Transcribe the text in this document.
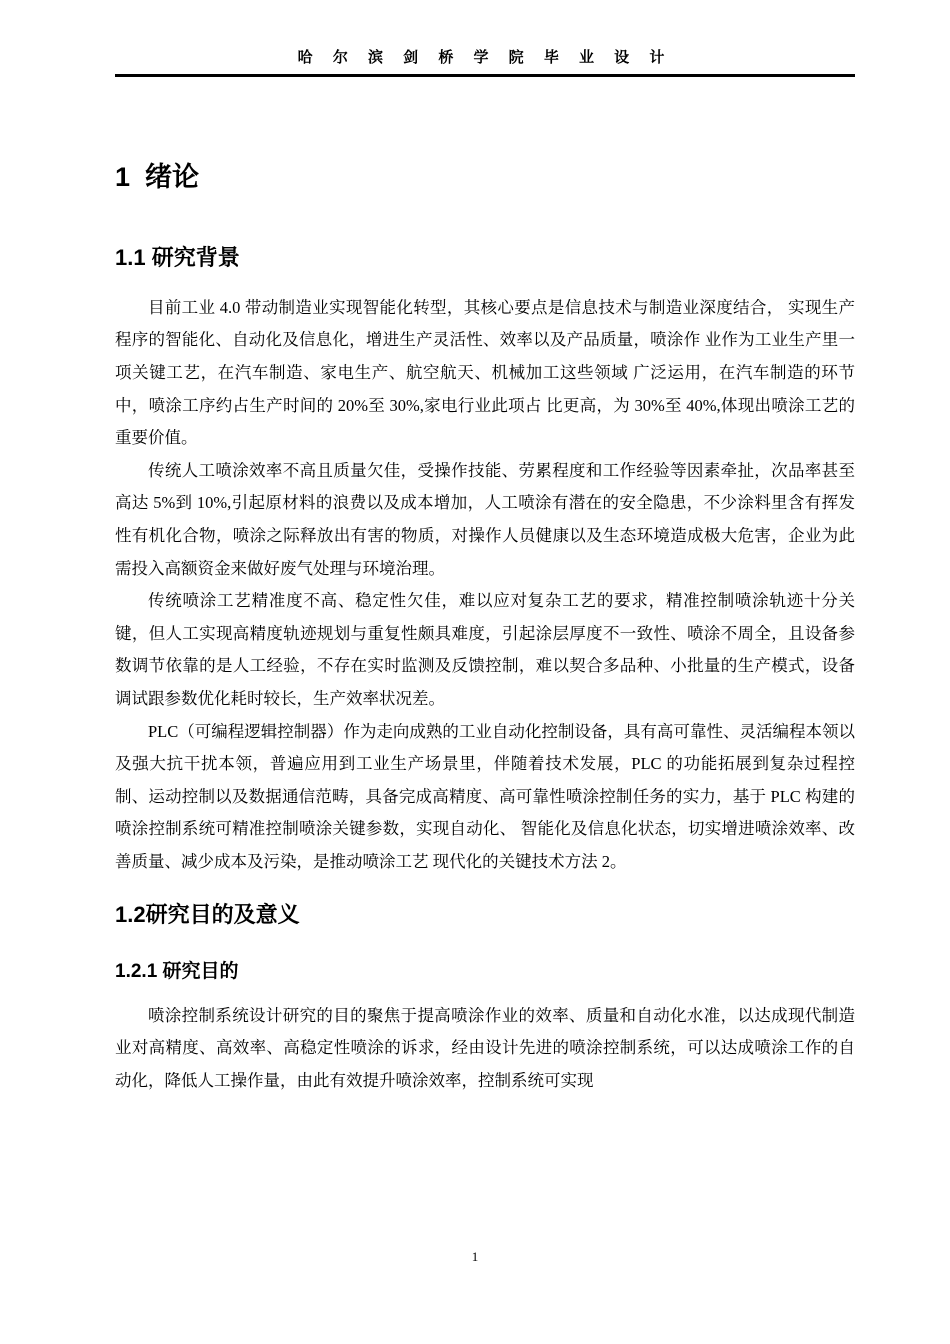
哈 尔 滨 剑 桥 学 院 毕 业 设 计
1  绪论
1.1 研究背景

目前工业 4.0 带动制造业实现智能化转型，其核心要点是信息技术与制造业深度结合， 实现生产程序的智能化、自动化及信息化，增进生产灵活性、效率以及产品质量，喷涂作 业作为工业生产里一项关键工艺，在汽车制造、家电生产、航空航天、机械加工这些领域 广泛运用，在汽车制造的环节中，喷涂工序约占生产时间的 20%至 30%,家电行业此项占 比更高，为 30%至 40%,体现出喷涂工艺的重要价值。

传统人工喷涂效率不高且质量欠佳，受操作技能、劳累程度和工作经验等因素牵扯，次品率甚至高达 5%到 10%,引起原材料的浪费以及成本增加，人工喷涂有潜在的安全隐患，不少涂料里含有挥发性有机化合物，喷涂之际释放出有害的物质，对操作人员健康以及生态环境造成极大危害，企业为此需投入高额资金来做好废气处理与环境治理。

传统喷涂工艺精准度不高、稳定性欠佳，难以应对复杂工艺的要求，精准控制喷涂轨迹十分关键，但人工实现高精度轨迹规划与重复性颇具难度，引起涂层厚度不一致性、喷涂不周全，且设备参数调节依靠的是人工经验，不存在实时监测及反馈控制，难以契合多品种、小批量的生产模式，设备调试跟参数优化耗时较长，生产效率状况差。

PLC（可编程逻辑控制器）作为走向成熟的工业自动化控制设备，具有高可靠性、灵活编程本领以及强大抗干扰本领，普遍应用到工业生产场景里，伴随着技术发展，PLC 的功能拓展到复杂过程控制、运动控制以及数据通信范畴，具备完成高精度、高可靠性喷涂控制任务的实力，基于 PLC 构建的喷涂控制系统可精准控制喷涂关键参数，实现自动化、 智能化及信息化状态，切实增进喷涂效率、改善质量、减少成本及污染，是推动喷涂工艺 现代化的关键技术方法 2。

1.2研究目的及意义
1.2.1 研究目的

喷涂控制系统设计研究的目的聚焦于提高喷涂作业的效率、质量和自动化水准，以达成现代制造业对高精度、高效率、高稳定性喷涂的诉求，经由设计先进的喷涂控制系统，可以达成喷涂工作的自动化，降低人工操作量，由此有效提升喷涂效率，控制系统可实现

1
